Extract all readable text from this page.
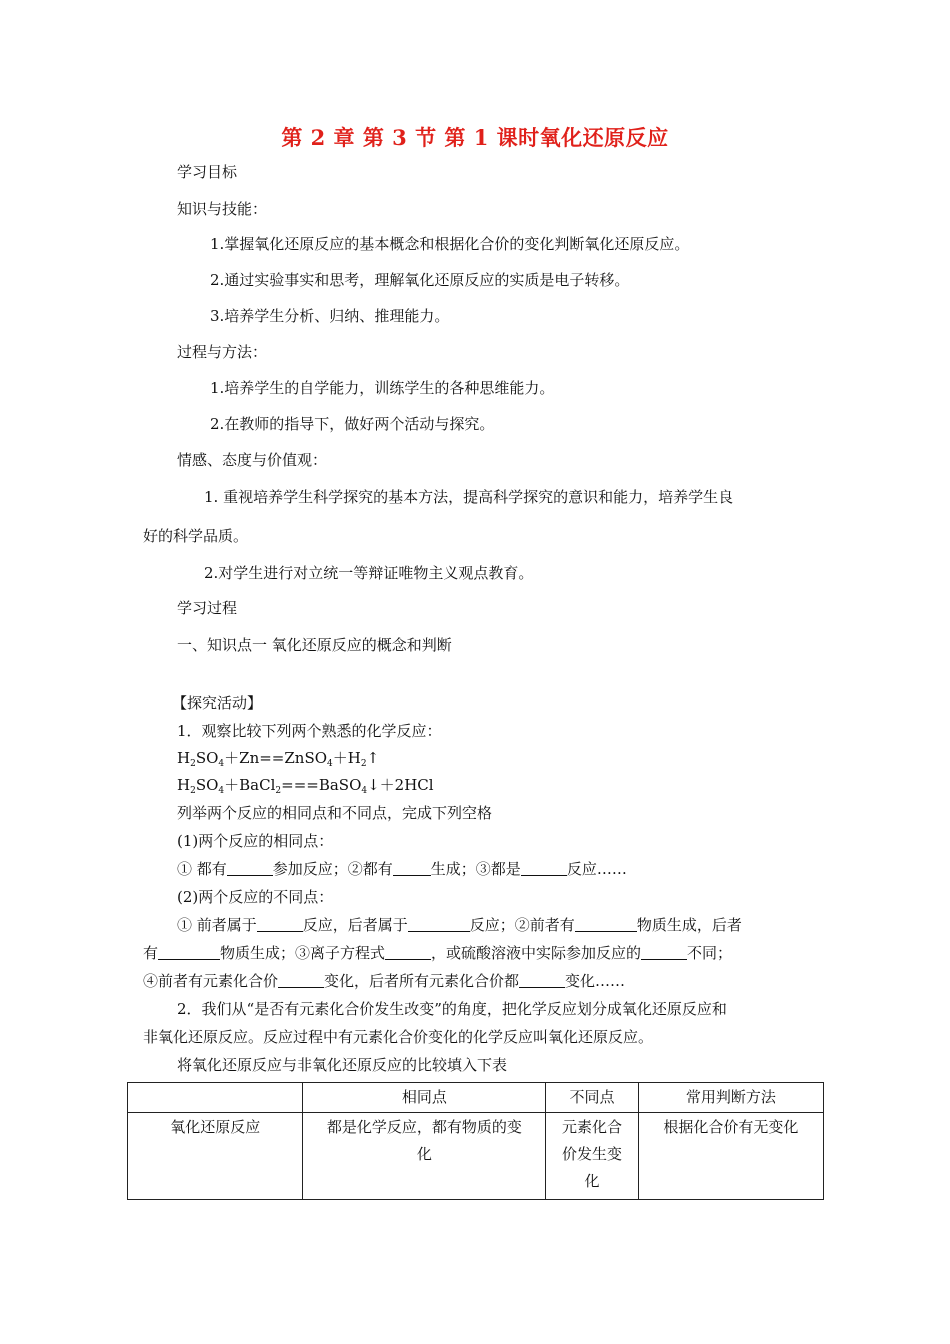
第 2 章 第 3 节 第 1 课时氧化还原反应
学习目标
知识与技能：
1.掌握氧化还原反应的基本概念和根据化合价的变化判断氧化还原反应。
2.通过实验事实和思考，理解氧化还原反应的实质是电子转移。
3.培养学生分析、归纳、推理能力。
过程与方法：
1.培养学生的自学能力，训练学生的各种思维能力。
2.在教师的指导下，做好两个活动与探究。
情感、态度与价值观：
1. 重视培养学生科学探究的基本方法，提高科学探究的意识和能力，培养学生良
好的科学品质。
2.对学生进行对立统一等辩证唯物主义观点教育。
学习过程
一、知识点一 氧化还原反应的概念和判断
【探究活动】
1．观察比较下列两个熟悉的化学反应：
$H_2SO_4+Zn==ZnSO_4+H_2↑$
$H_2SO_4+BaCl_2===BaSO_4↓+2HCl$
列举两个反应的相同点和不同点，完成下列空格
(1)两个反应的相同点：
① 都有	参加反应；②都有	生成；③都是	反应……
(2)两个反应的不同点：
① 前者属于	反应，后者属于	反应；②前者有	物质生成，后者
有	物质生成；③离子方程式	，或硫酸溶液中实际参加反应的	不同；
④前者有元素化合价	变化，后者所有元素化合价都	变化……
2．我们从“是否有元素化合价发生改变”的角度，把化学反应划分成氧化还原反应和
非氧化还原反应。反应过程中有元素化合价变化的化学反应叫氧化还原反应。
将氧化还原反应与非氧化还原反应的比较填入下表
	相同点	不同点	常用判断方法
氧化还原反应	都是化学反应，都有物质的变化	元素化合价发生变化	根据化合价有无变化
